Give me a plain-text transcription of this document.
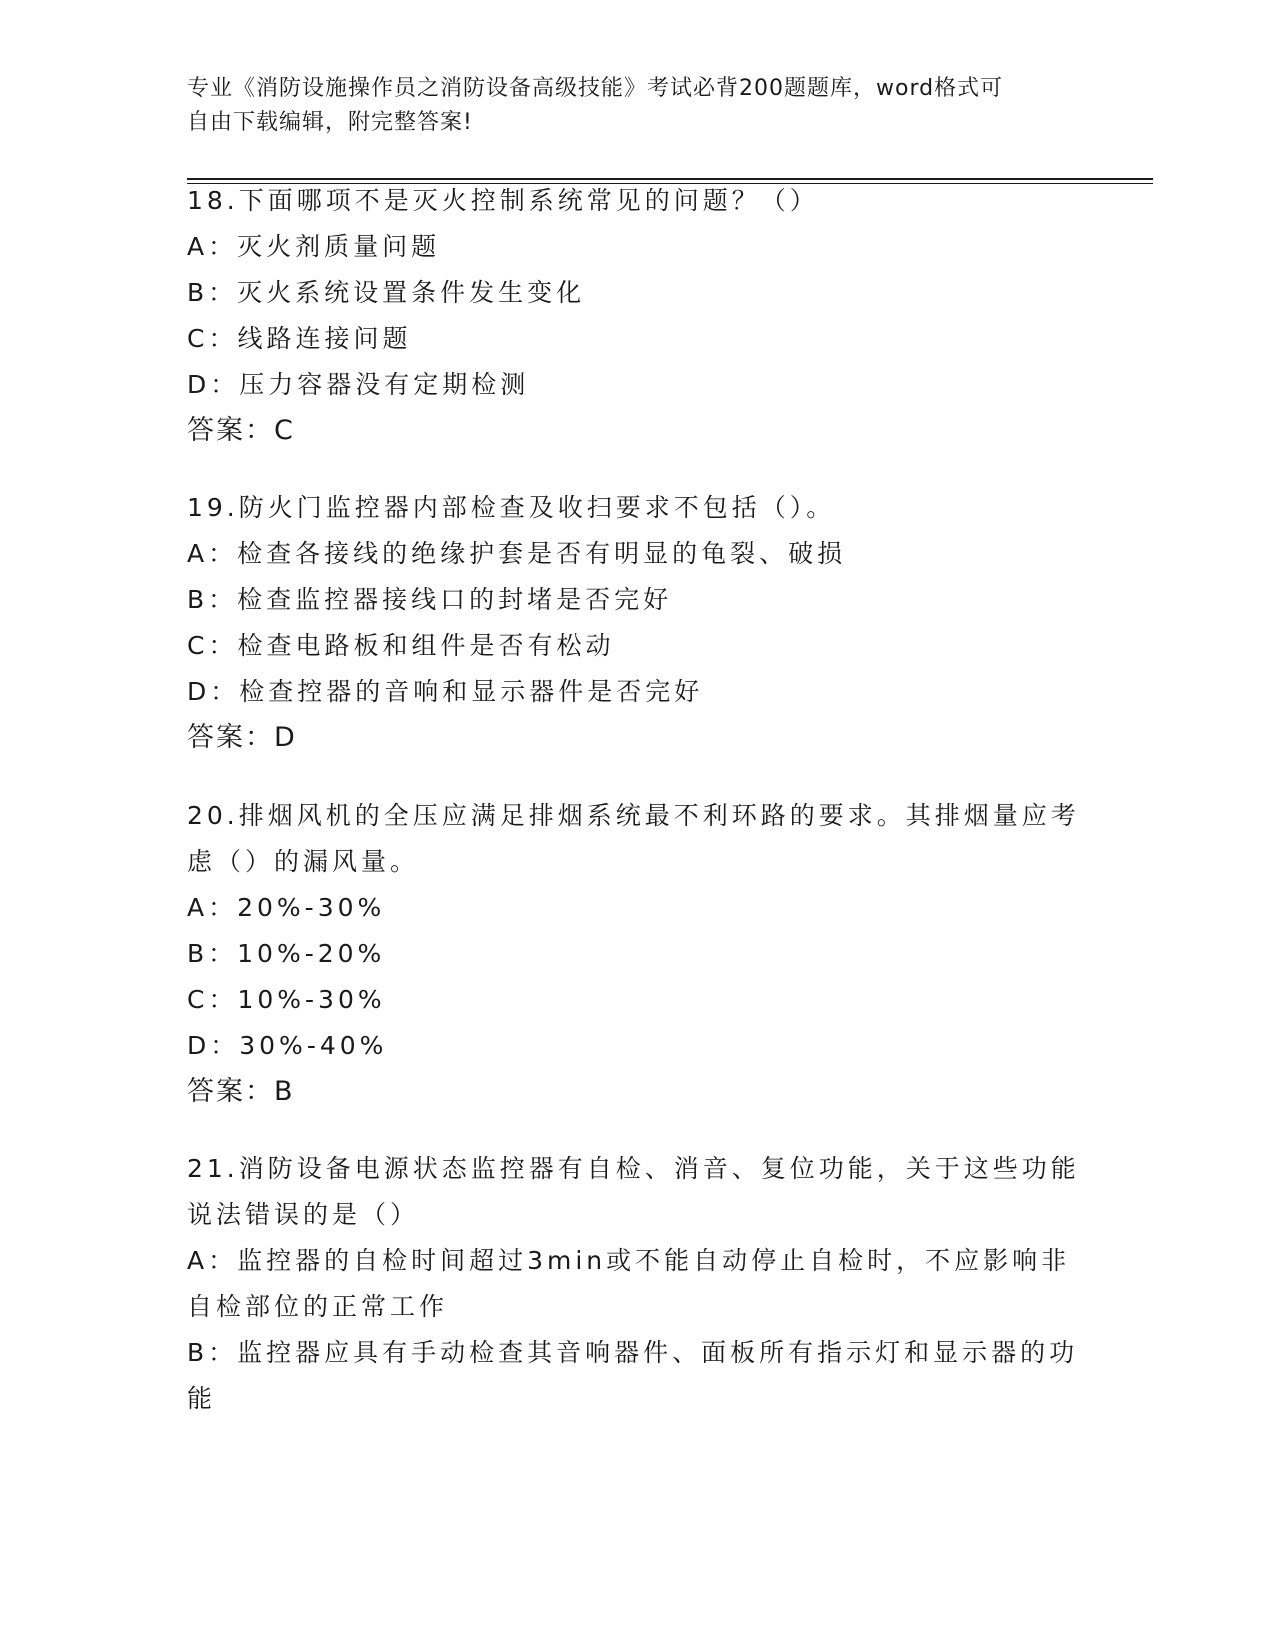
专业《消防设施操作员之消防设备高级技能》考试必背200题题库，word格式可
自由下载编辑，附完整答案!
18.下面哪项不是灭火控制系统常见的问题？（）
A：灭火剂质量问题
B：灭火系统设置条件发生变化
C：线路连接问题
D：压力容器没有定期检测
答案：C
19.防火门监控器内部检查及收扫要求不包括（）。
A：检查各接线的绝缘护套是否有明显的龟裂、破损
B：检查监控器接线口的封堵是否完好
C：检查电路板和组件是否有松动
D：检查控器的音响和显示器件是否完好
答案：D
20.排烟风机的全压应满足排烟系统最不利环路的要求。其排烟量应考
虑（）的漏风量。
A：20%-30%
B：10%-20%
C：10%-30%
D：30%-40%
答案：B
21.消防设备电源状态监控器有自检、消音、复位功能，关于这些功能
说法错误的是（）
A：监控器的自检时间超过3min或不能自动停止自检时，不应影响非
自检部位的正常工作
B：监控器应具有手动检查其音响器件、面板所有指示灯和显示器的功
能
